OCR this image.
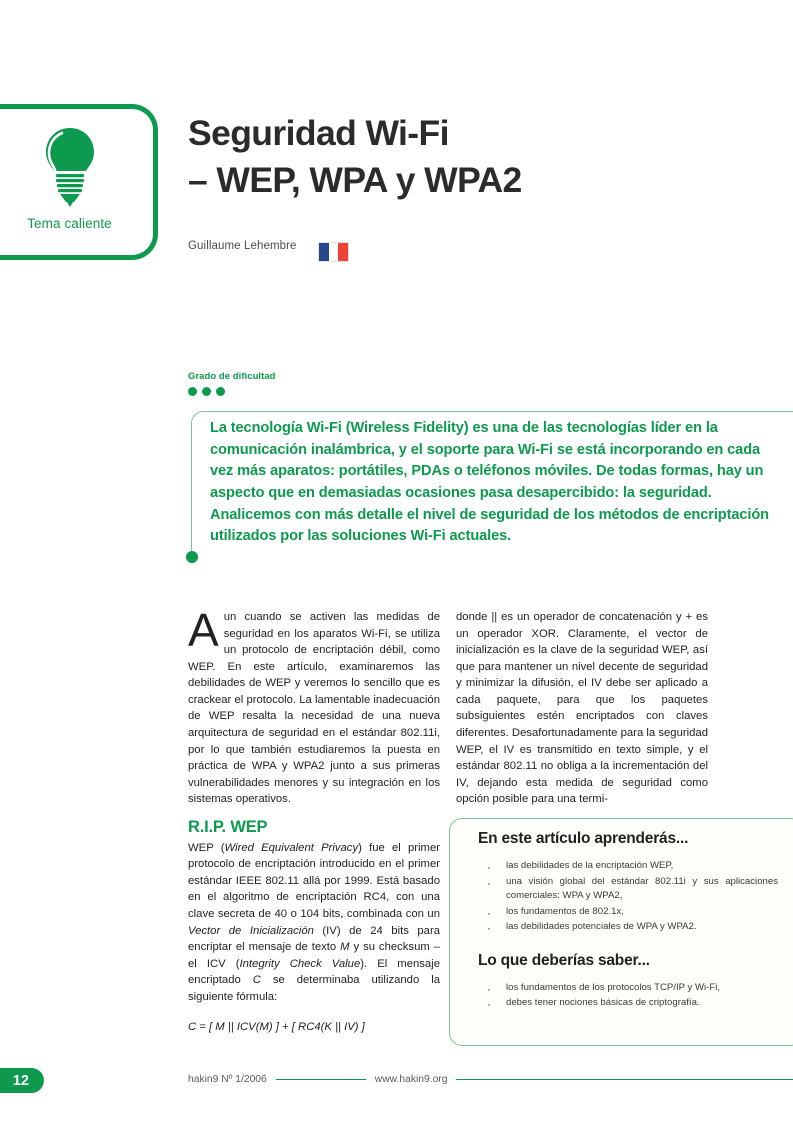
Tema caliente
Seguridad Wi-Fi
– WEP, WPA y WPA2
Guillaume Lehembre
Grado de dificultad
La tecnología Wi-Fi (Wireless Fidelity) es una de las tecnologías líder en la comunicación inalámbrica, y el soporte para Wi-Fi se está incorporando en cada vez más aparatos: portátiles, PDAs o teléfonos móviles. De todas formas, hay un aspecto que en demasiadas ocasiones pasa desapercibido: la seguridad. Analicemos con más detalle el nivel de seguridad de los métodos de encriptación utilizados por las soluciones Wi-Fi actuales.

Aun cuando se activen las medidas de seguridad en los aparatos Wi-Fi, se utiliza un protocolo de encriptación débil, como WEP. En este artículo, examinaremos las debilidades de WEP y veremos lo sencillo que es crackear el protocolo. La lamentable inadecuación de WEP resalta la necesidad de una nueva arquitectura de seguridad en el estándar 802.11i, por lo que también estudiaremos la puesta en práctica de WPA y WPA2 junto a sus primeras vulnerabilidades menores y su integración en los sistemas operativos.

R.I.P. WEP

WEP (Wired Equivalent Privacy) fue el primer protocolo de encriptación introducido en el primer estándar IEEE 802.11 allá por 1999. Está basado en el algoritmo de encriptación RC4, con una clave secreta de 40 o 104 bits, combinada con un Vector de Inicialización (IV) de 24 bits para encriptar el mensaje de texto M y su checksum – el ICV (Integrity Check Value). El mensaje encriptado C se determinaba utilizando la siguiente fórmula:

C = [ M || ICV(M) ] + [ RC4(K || IV) ]

donde || es un operador de concatenación y + es un operador XOR. Claramente, el vector de inicialización es la clave de la seguridad WEP, así que para mantener un nivel decente de seguridad y minimizar la difusión, el IV debe ser aplicado a cada paquete, para que los paquetes subsiguientes estén encriptados con claves diferentes. Desafortunadamente para la seguridad WEP, el IV es transmitido en texto simple, y el estándar 802.11 no obliga a la incrementación del IV, dejando esta medida de seguridad como opción posible para una termi-

En este artículo aprenderás...
· las debilidades de la encriptación WEP,
· una visión global del estándar 802.11i y sus aplicaciones comerciales: WPA y WPA2,
· los fundamentos de 802.1x,
· las debilidades potenciales de WPA y WPA2.
Lo que deberías saber...
· los fundamentos de los protocolos TCP/IP y Wi-Fi,
· debes tener nociones básicas de criptografía.
12	hakin9 Nº 1/2006	www.hakin9.org
